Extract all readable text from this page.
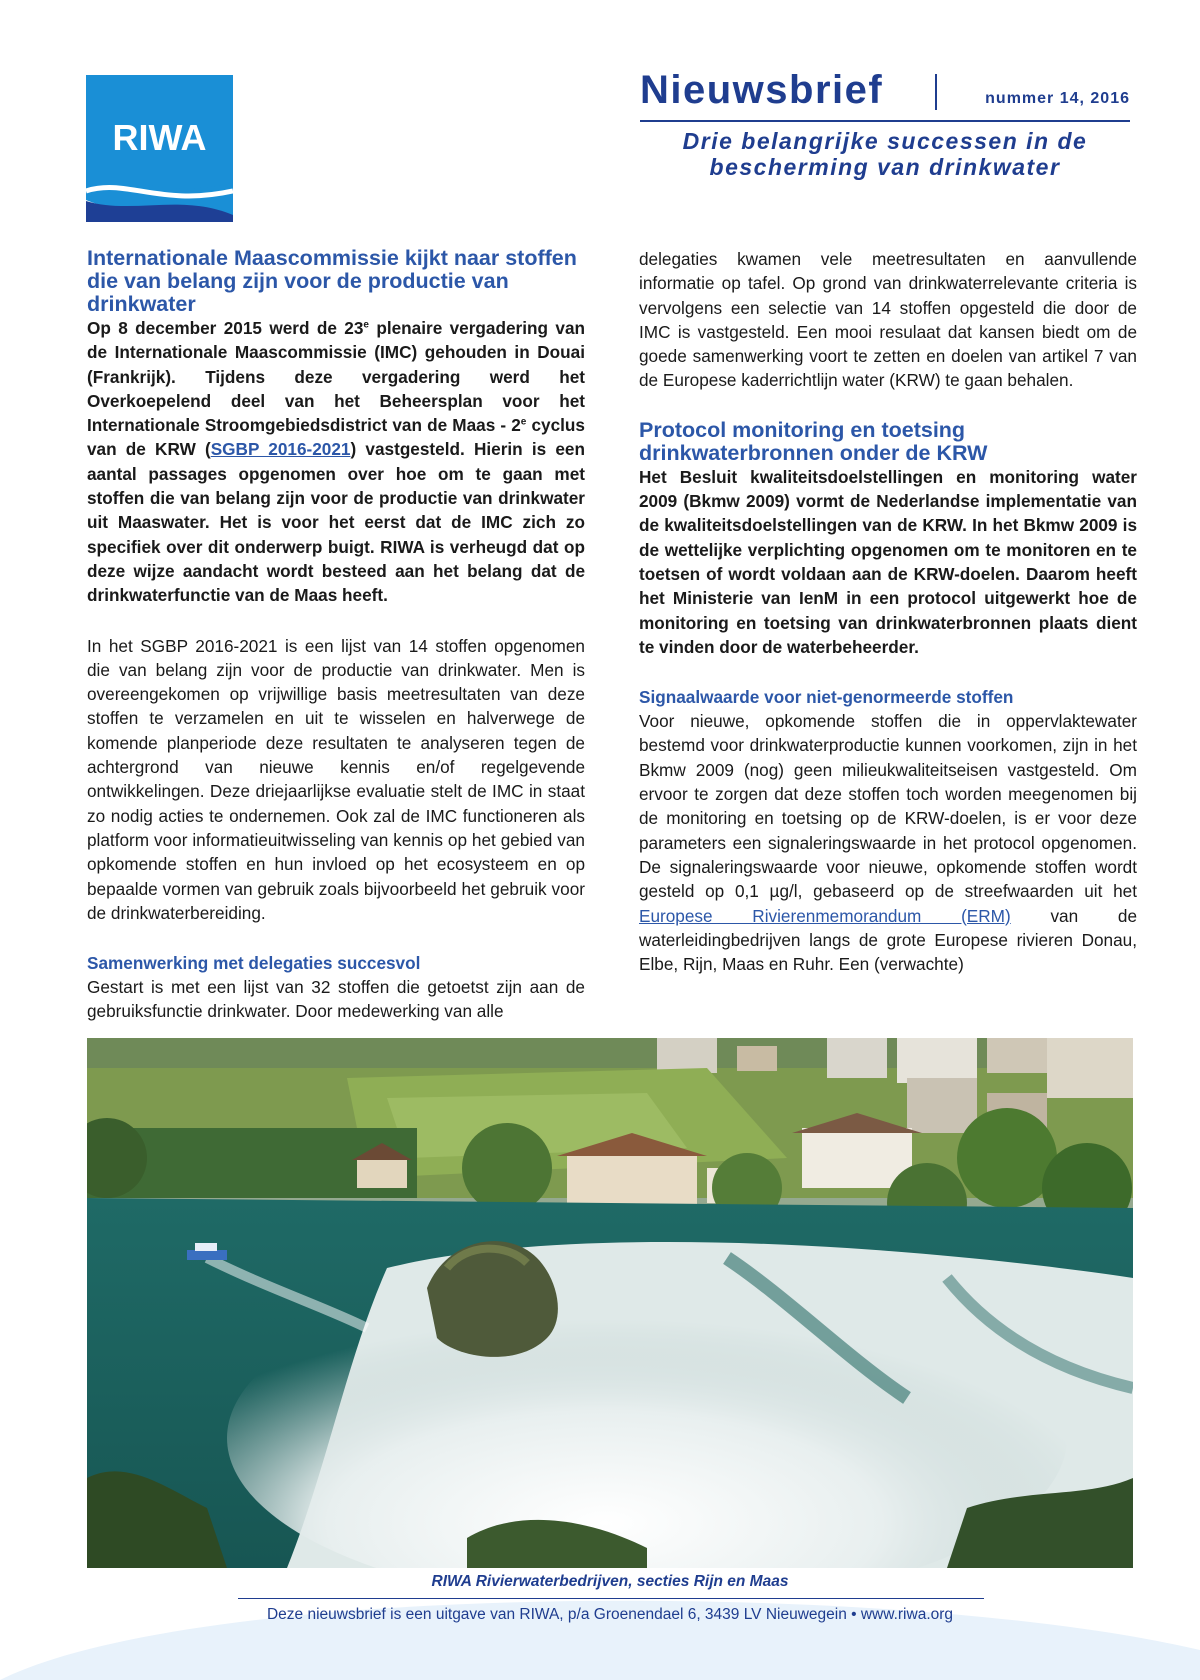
RIWA
Nieuwsbrief	nummer 14, 2016
Drie belangrijke successen in de
bescherming van drinkwater
Internationale Maascommissie kijkt naar stoffen die van belang zijn voor de productie van drinkwater

Op 8 december 2015 werd de 23e plenaire vergadering van de Internationale Maascommissie (IMC) gehouden in Douai (Frankrijk). Tijdens deze vergadering werd het Overkoepelend deel van het Beheersplan voor het Internationale Stroomgebiedsdistrict van de Maas - 2e cyclus van de KRW (SGBP 2016-2021) vastgesteld. Hierin is een aantal passages opgenomen over hoe om te gaan met stoffen die van belang zijn voor de productie van drinkwater uit Maaswater. Het is voor het eerst dat de IMC zich zo specifiek over dit onderwerp buigt. RIWA is verheugd dat op deze wijze aandacht wordt besteed aan het belang dat de drinkwaterfunctie van de Maas heeft.

In het SGBP 2016-2021 is een lijst van 14 stoffen opgenomen die van belang zijn voor de productie van drinkwater. Men is overeengekomen op vrijwillige basis meetresultaten van deze stoffen te verzamelen en uit te wisselen en halverwege de komende planperiode deze resultaten te analyseren tegen de achtergrond van nieuwe kennis en/of regelgevende ontwikkelingen. Deze driejaarlijkse evaluatie stelt de IMC in staat zo nodig acties te ondernemen. Ook zal de IMC functioneren als platform voor informatieuitwisseling van kennis op het gebied van opkomende stoffen en hun invloed op het ecosysteem en op bepaalde vormen van gebruik zoals bijvoorbeeld het gebruik voor de drinkwaterbereiding.

Samenwerking met delegaties succesvol

Gestart is met een lijst van 32 stoffen die getoetst zijn aan de gebruiksfunctie drinkwater. Door medewerking van alle

delegaties kwamen vele meetresultaten en aanvullende informatie op tafel. Op grond van drinkwaterrelevante criteria is vervolgens een selectie van 14 stoffen opgesteld die door de IMC is vastgesteld. Een mooi resulaat dat kansen biedt om de goede samenwerking voort te zetten en doelen van artikel 7 van de Europese kaderrichtlijn water (KRW) te gaan behalen.

Protocol monitoring en toetsing drinkwaterbronnen onder de KRW

Het Besluit kwaliteitsdoelstellingen en monitoring water 2009 (Bkmw 2009) vormt de Nederlandse implementatie van de kwaliteitsdoelstellingen van de KRW. In het Bkmw 2009 is de wettelijke verplichting opgenomen om te monitoren en te toetsen of wordt voldaan aan de KRW-doelen. Daarom heeft het Ministerie van IenM in een protocol uitgewerkt hoe de monitoring en toetsing van drinkwaterbronnen plaats dient te vinden door de waterbeheerder.

Signaalwaarde voor niet-genormeerde stoffen

Voor nieuwe, opkomende stoffen die in oppervlaktewater bestemd voor drinkwaterproductie kunnen voorkomen, zijn in het Bkmw 2009 (nog) geen milieukwaliteitseisen vastgesteld. Om ervoor te zorgen dat deze stoffen toch worden meegenomen bij de monitoring en toetsing op de KRW-doelen, is er voor deze parameters een signaleringswaarde in het protocol opgenomen. De signaleringswaarde voor nieuwe, opkomende stoffen wordt gesteld op 0,1 µg/l, gebaseerd op de streefwaarden uit het Europese Rivierenmemorandum (ERM) van de waterleidingbedrijven langs de grote Europese rivieren Donau, Elbe, Rijn, Maas en Ruhr. Een (verwachte)

RIWA Rivierwaterbedrijven, secties Rijn en Maas
Deze nieuwsbrief is een uitgave van RIWA, p/a Groenendael 6, 3439 LV Nieuwegein • www.riwa.org
